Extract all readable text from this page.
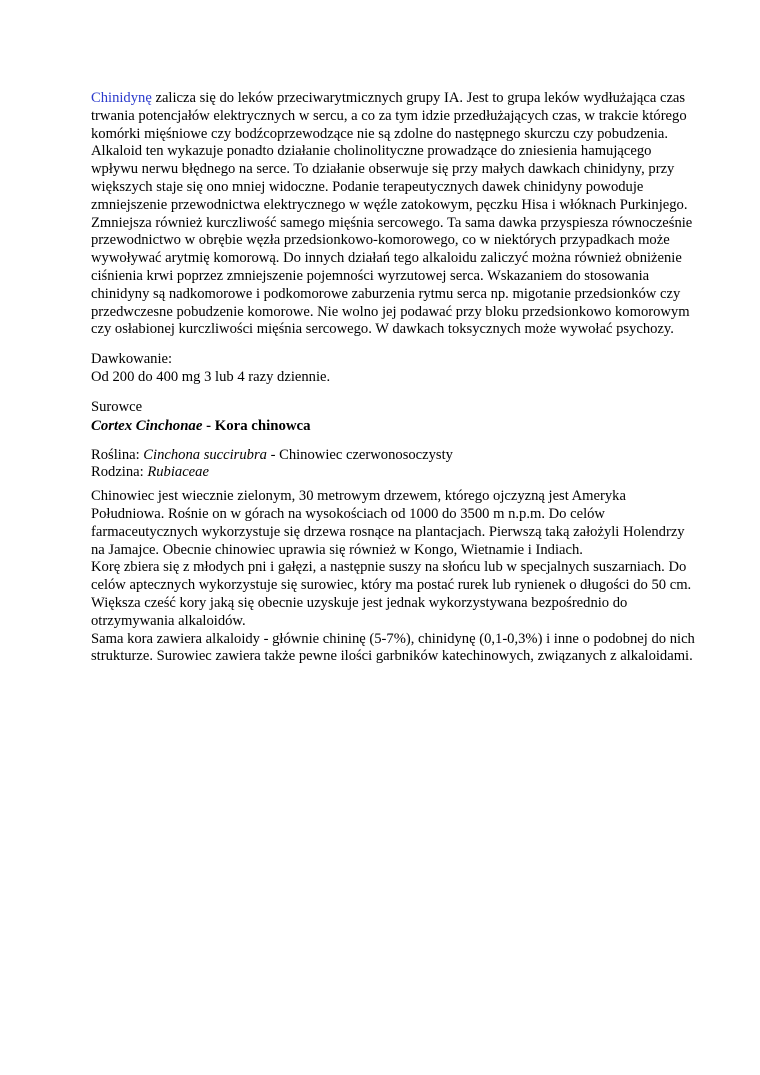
Chinidynę zalicza się do leków przeciwarytmicznych grupy IA. Jest to grupa leków wydłużająca czas trwania potencjałów elektrycznych w sercu, a co za tym idzie przedłużających czas, w trakcie którego komórki mięśniowe czy bodźcoprzewodzące nie są zdolne do następnego skurczu czy pobudzenia. Alkaloid ten wykazuje ponadto działanie cholinolityczne prowadzące do zniesienia hamującego wpływu nerwu błędnego na serce. To działanie obserwuje się przy małych dawkach chinidyny, przy większych staje się ono mniej widoczne. Podanie terapeutycznych dawek chinidyny powoduje zmniejszenie przewodnictwa elektrycznego w węźle zatokowym, pęczku Hisa i włóknach Purkinjego. Zmniejsza również kurczliwość samego mięśnia sercowego. Ta sama dawka przyspiesza równocześnie przewodnictwo w obrębie węzła przedsionkowo-komorowego, co w niektórych przypadkach może wywoływać arytmię komorową. Do innych działań tego alkaloidu zaliczyć można również obniżenie ciśnienia krwi poprzez zmniejszenie pojemności wyrzutowej serca. Wskazaniem do stosowania chinidyny są nadkomorowe i podkomorowe zaburzenia rytmu serca np. migotanie przedsionków czy przedwczesne pobudzenie komorowe. Nie wolno jej podawać przy bloku przedsionkowo komorowym czy osłabionej kurczliwości mięśnia sercowego. W dawkach toksycznych może wywołać psychozy.

Dawkowanie:

Od 200 do 400 mg 3 lub 4 razy dziennie.

Surowce

Cortex Cinchonae - Kora chinowca

Roślina: Cinchona succirubra - Chinowiec czerwonosoczysty

Rodzina: Rubiaceae

Chinowiec jest wiecznie zielonym, 30 metrowym drzewem, którego ojczyzną jest Ameryka Południowa. Rośnie on w górach na wysokościach od 1000 do 3500 m n.p.m. Do celów farmaceutycznych wykorzystuje się drzewa rosnące na plantacjach. Pierwszą taką założyli Holendrzy na Jamajce. Obecnie chinowiec uprawia się również w Kongo, Wietnamie i Indiach.

Korę zbiera się z młodych pni i gałęzi, a następnie suszy na słońcu lub w specjalnych suszarniach. Do celów aptecznych wykorzystuje się surowiec, który ma postać rurek lub rynienek o długości do 50 cm. Większa cześć kory jaką się obecnie uzyskuje jest jednak wykorzystywana bezpośrednio do otrzymywania alkaloidów.

Sama kora zawiera alkaloidy - głównie chininę (5-7%), chinidynę (0,1-0,3%) i inne o podobnej do nich strukturze. Surowiec zawiera także pewne ilości garbników katechinowych, związanych z alkaloidami.
